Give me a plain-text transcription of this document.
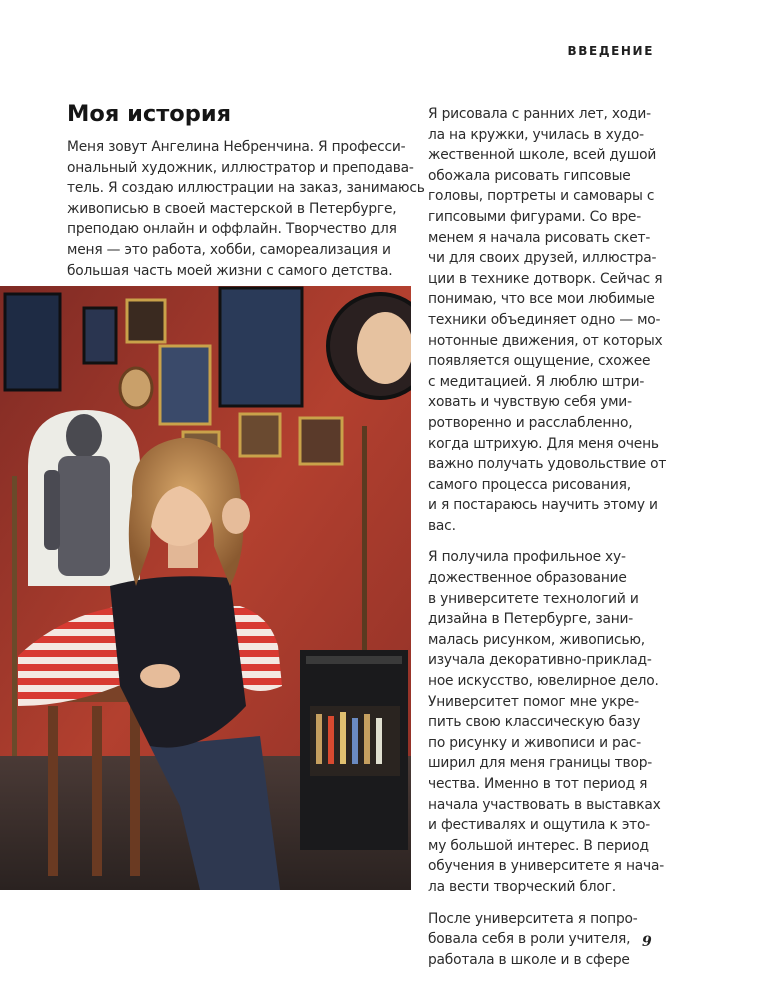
ВВЕДЕНИЕ
Моя история
Меня зовут Ангелина Небренчина. Я професси-
ональный художник, иллюстратор и преподава-
тель. Я создаю иллюстрации на заказ, занимаюсь
живописью в своей мастерской в Петербурге,
преподаю онлайн и оффлайн. Творчество для
меня — это работа, хобби, самореализация и
большая часть моей жизни с самого детства.
Я рисовала с ранних лет, ходи-
ла на кружки, училась в худо-
жественной школе, всей душой
обожала рисовать гипсовые
головы, портреты и самовары с
гипсовыми фигурами. Со вре-
менем я начала рисовать скет-
чи для своих друзей, иллюстра-
ции в технике дотворк. Сейчас я
понимаю, что все мои любимые
техники объединяет одно — мо-
нотонные движения, от которых
появляется ощущение, схожее
с медитацией. Я люблю штри-
ховать и чувствую себя уми-
ротворенно и расслабленно,
когда штрихую. Для меня очень
важно получать удовольствие от
самого процесса рисования,
и я постараюсь научить этому и
вас.
Я получила профильное ху-
дожественное образование
в университете технологий и
дизайна в Петербурге, зани-
малась рисунком, живописью,
изучала декоративно-приклад-
ное искусство, ювелирное дело.
Университет помог мне укре-
пить свою классическую базу
по рисунку и живописи и рас-
ширил для меня границы твор-
чества. Именно в тот период я
начала участвовать в выставках
и фестивалях и ощутила к это-
му большой интерес. В период
обучения в университете я нача-
ла вести творческий блог.
После университета я попро-
бовала себя в роли учителя,
работала в школе и в сфере
9
